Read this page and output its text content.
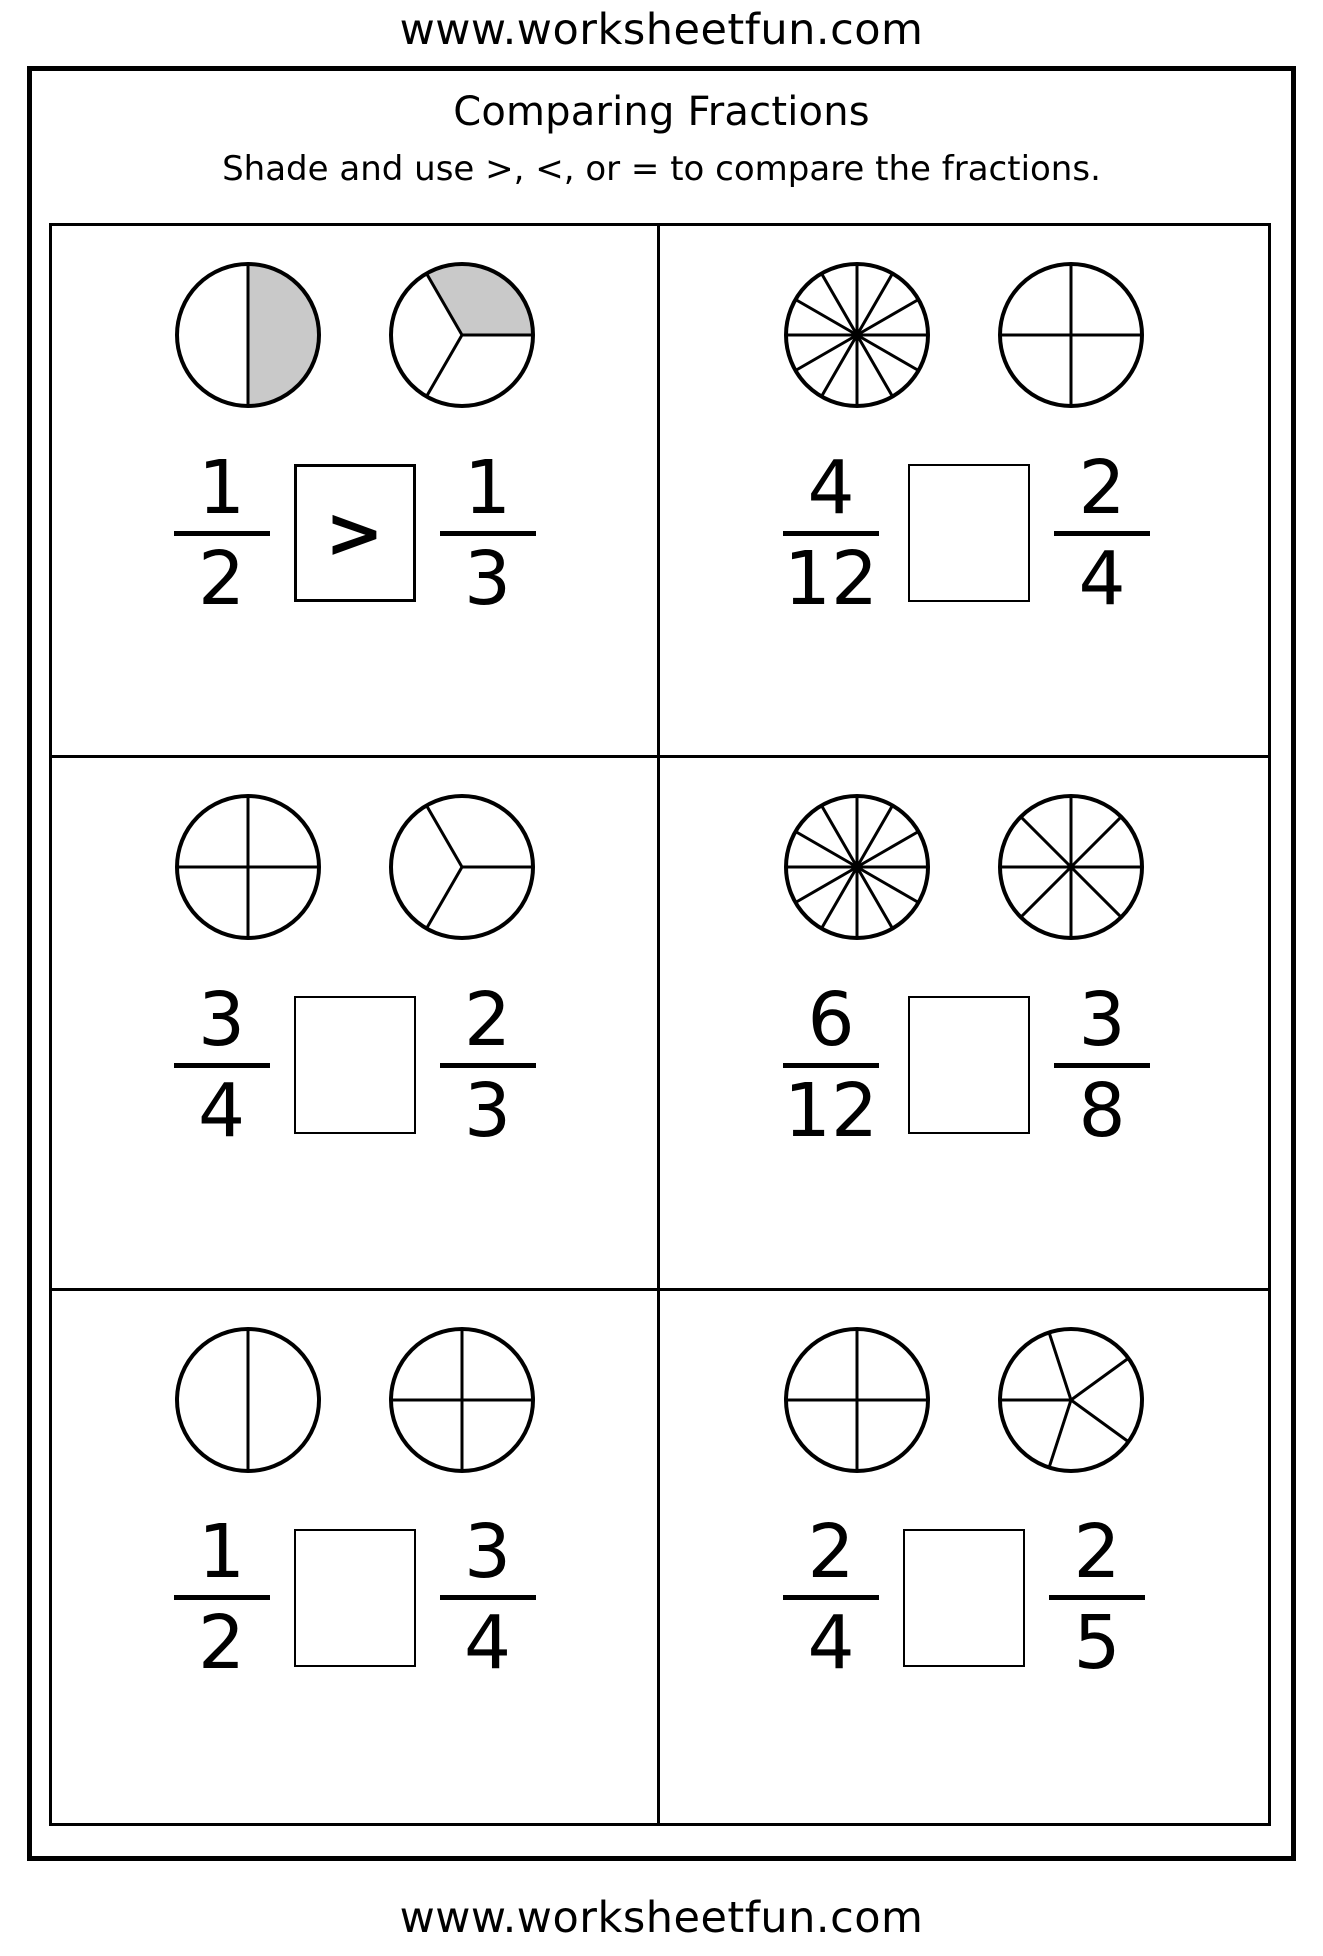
www.worksheetfun.com
Comparing Fractions
Shade and use >, <, or = to compare the fractions.
1
2
>
1
3
4
12
2
4
3
4
2
3
6
12
3
8
1
2
3
4
2
4
2
5
www.worksheetfun.com
